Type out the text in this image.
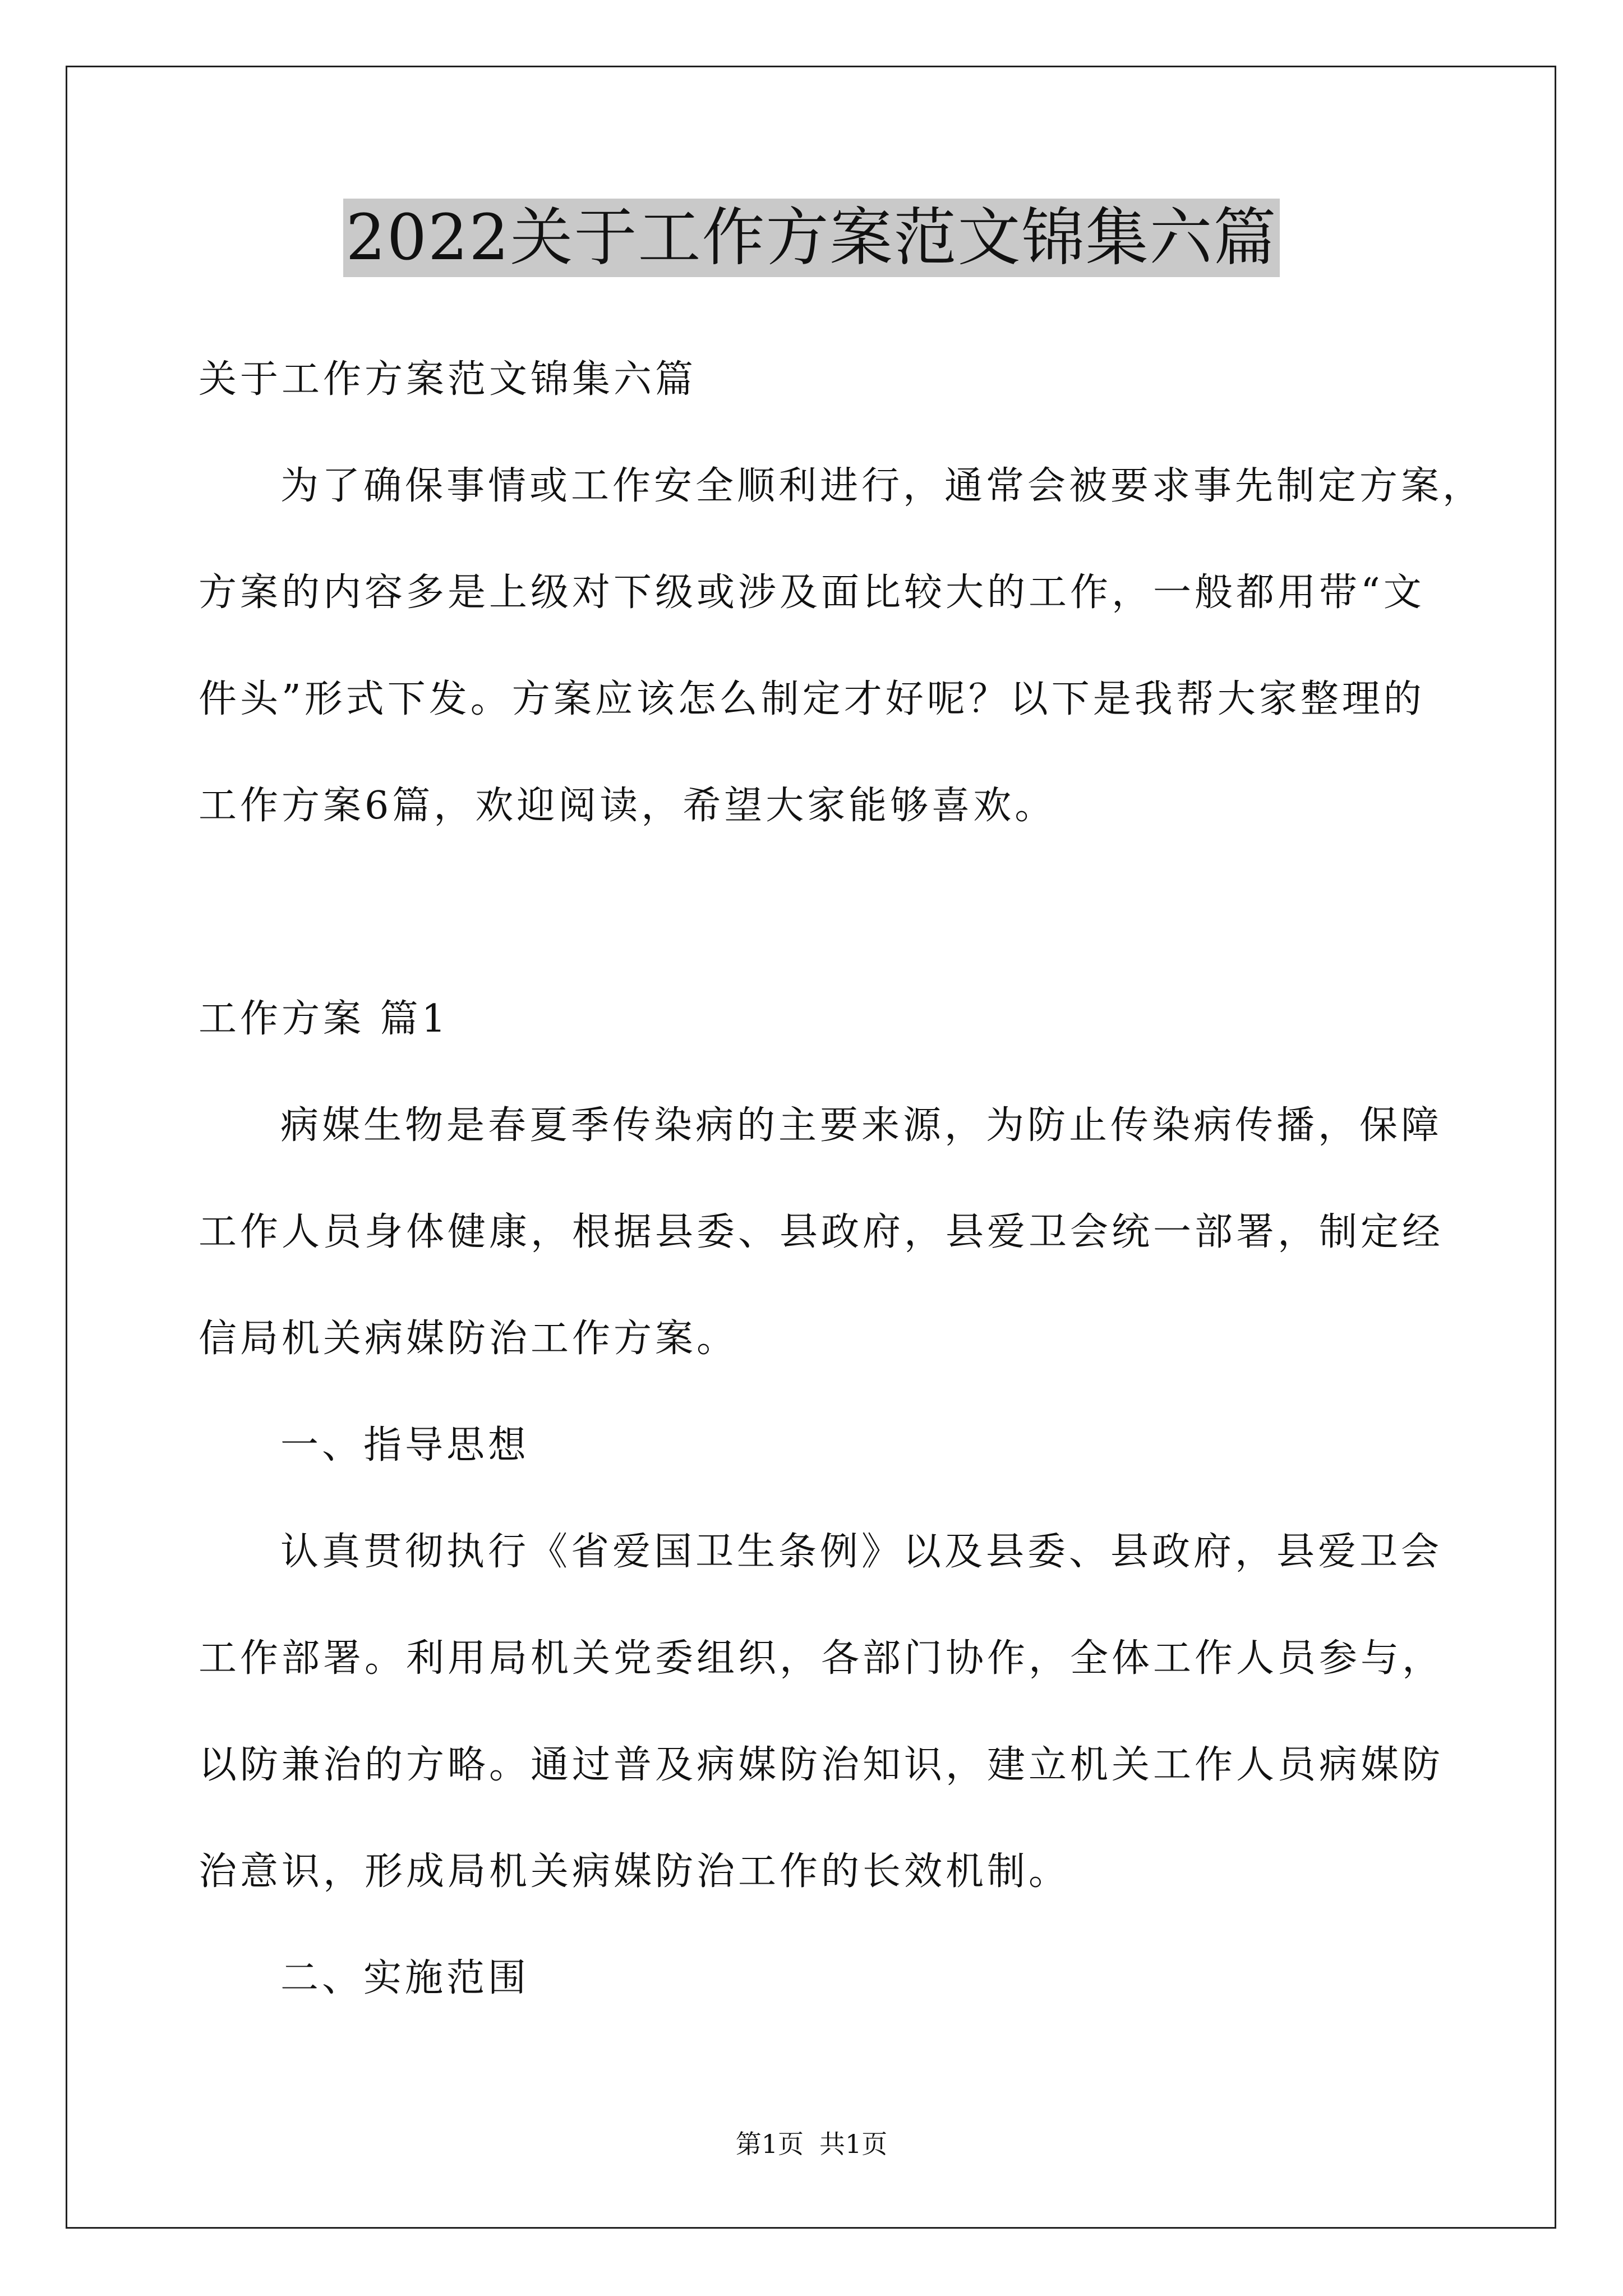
2022关于工作方案范文锦集六篇
关于工作方案范文锦集六篇
为了确保事情或工作安全顺利进行，通常会被要求事先制定方案，
方案的内容多是上级对下级或涉及面比较大的工作，一般都用带“文
件头”形式下发。方案应该怎么制定才好呢？以下是我帮大家整理的
工作方案6篇，欢迎阅读，希望大家能够喜欢。
工作方案 篇1
病媒生物是春夏季传染病的主要来源，为防止传染病传播，保障
工作人员身体健康，根据县委、县政府，县爱卫会统一部署，制定经
信局机关病媒防治工作方案。
一、指导思想
认真贯彻执行《省爱国卫生条例》以及县委、县政府，县爱卫会
工作部署。利用局机关党委组织，各部门协作，全体工作人员参与，
以防兼治的方略。通过普及病媒防治知识，建立机关工作人员病媒防
治意识，形成局机关病媒防治工作的长效机制。
二、实施范围
第1页 共1页
